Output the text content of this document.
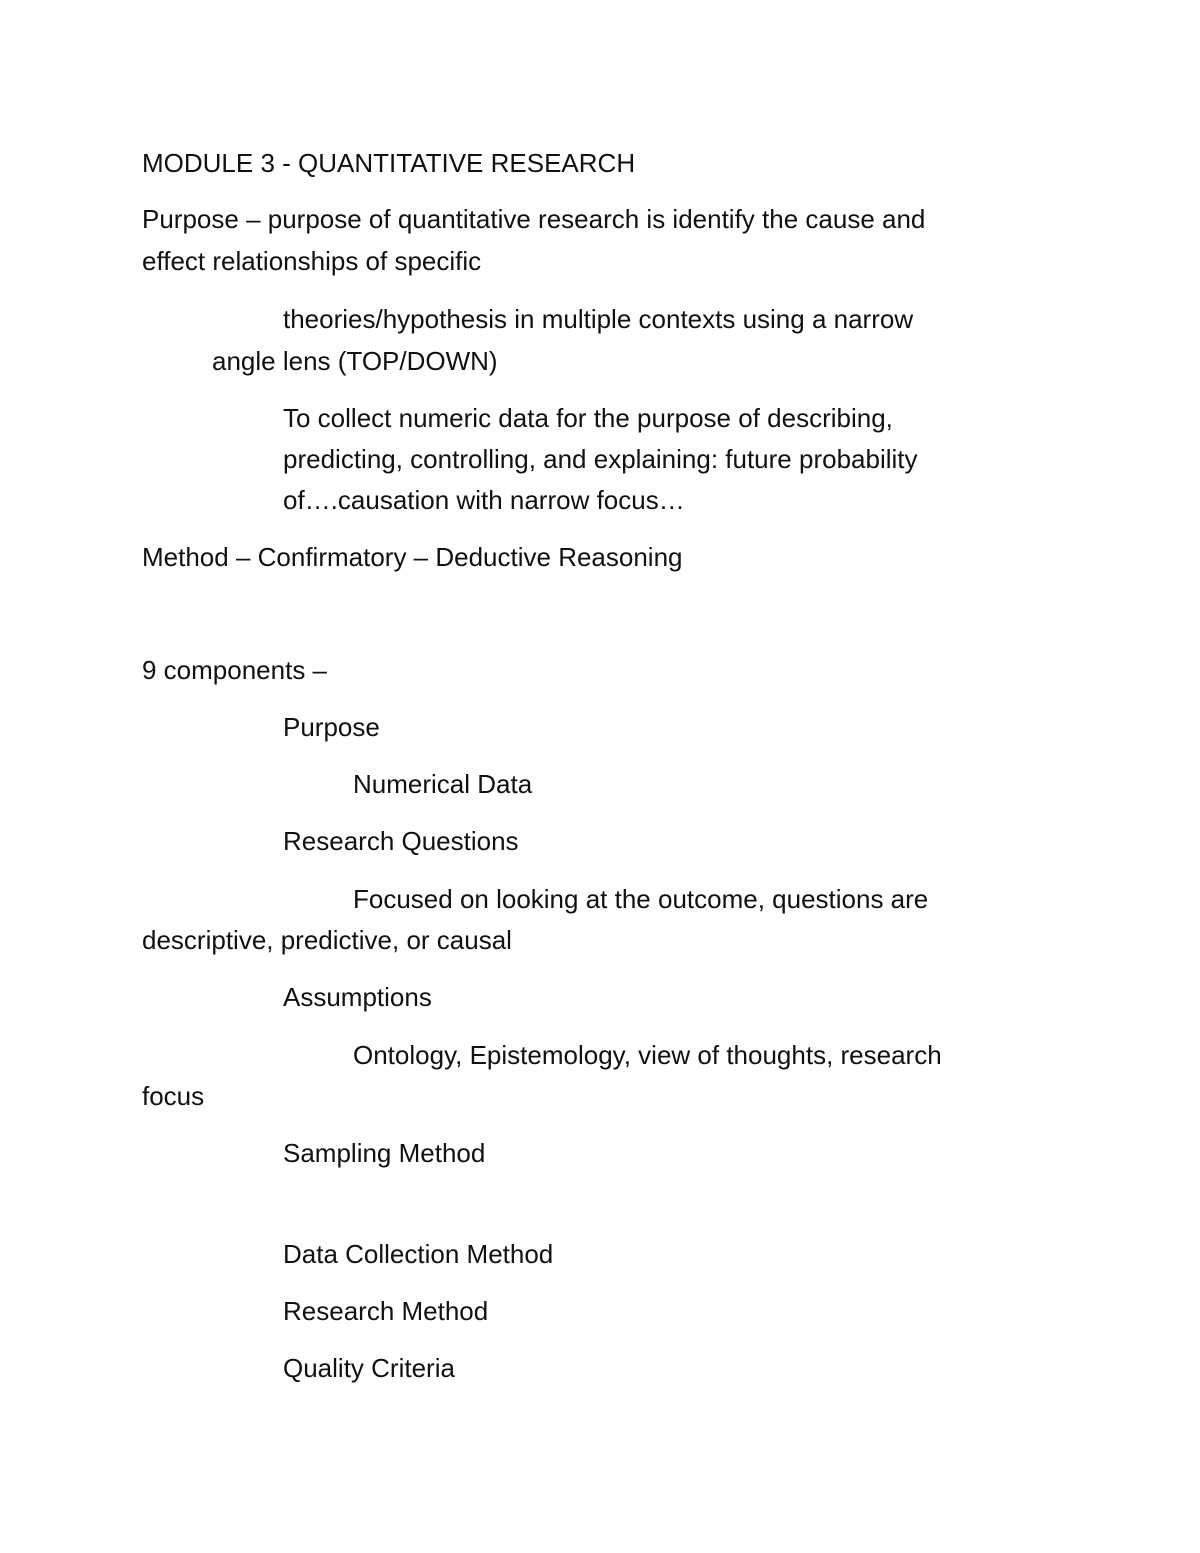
MODULE 3 - QUANTITATIVE RESEARCH
Purpose – purpose of quantitative research is identify the cause and
effect relationships of specific
theories/hypothesis in multiple contexts using a narrow
angle lens (TOP/DOWN)
To collect numeric data for the purpose of describing,
predicting, controlling, and explaining: future probability
of….causation with narrow focus…
Method – Confirmatory – Deductive Reasoning
9 components –
Purpose
Numerical Data
Research Questions
Focused on looking at the outcome, questions are
descriptive, predictive, or causal
Assumptions
Ontology, Epistemology, view of thoughts, research
focus
Sampling Method
Data Collection Method
Research Method
Quality Criteria
